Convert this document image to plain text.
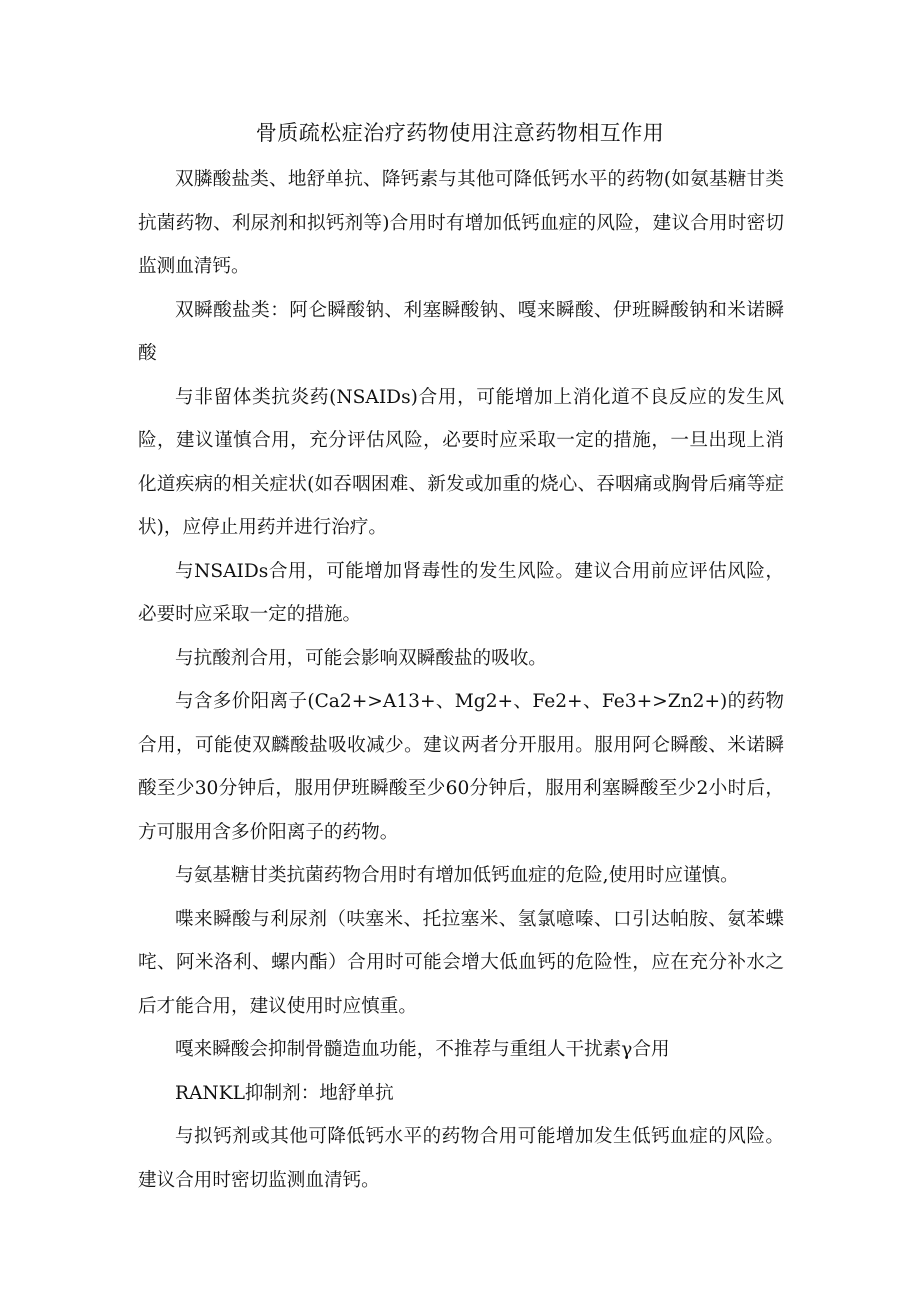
骨质疏松症治疗药物使用注意药物相互作用

双膦酸盐类、地舒单抗、降钙素与其他可降低钙水平的药物(如氨基糖甘类抗菌药物、利尿剂和拟钙剂等)合用时有增加低钙血症的风险，建议合用时密切监测血清钙。

双瞬酸盐类：阿仑瞬酸钠、利塞瞬酸钠、嘎来瞬酸、伊班瞬酸钠和米诺瞬酸

与非留体类抗炎药(NSAIDs)合用，可能增加上消化道不良反应的发生风险，建议谨慎合用，充分评估风险，必要时应采取一定的措施，一旦出现上消化道疾病的相关症状(如吞咽困难、新发或加重的烧心、吞咽痛或胸骨后痛等症状)，应停止用药并进行治疗。

与NSAIDs合用，可能增加肾毒性的发生风险。建议合用前应评估风险，必要时应采取一定的措施。

与抗酸剂合用，可能会影响双瞬酸盐的吸收。

与含多价阳离子(Ca2+>A13+、Mg2+、Fe2+、Fe3+>Zn2+)的药物合用，可能使双麟酸盐吸收减少。建议两者分开服用。服用阿仑瞬酸、米诺瞬酸至少30分钟后，服用伊班瞬酸至少60分钟后，服用利塞瞬酸至少2小时后，方可服用含多价阳离子的药物。

与氨基糖甘类抗菌药物合用时有增加低钙血症的危险,使用时应谨慎。

喋来瞬酸与利尿剂（呋塞米、托拉塞米、氢氯噫嗪、口引达帕胺、氨苯蝶咤、阿米洛利、螺内酯）合用时可能会增大低血钙的危险性，应在充分补水之后才能合用，建议使用时应慎重。

嘎来瞬酸会抑制骨髓造血功能，不推荐与重组人干扰素γ合用

RANKL抑制剂：地舒单抗

与拟钙剂或其他可降低钙水平的药物合用可能增加发生低钙血症的风险。建议合用时密切监测血清钙。
